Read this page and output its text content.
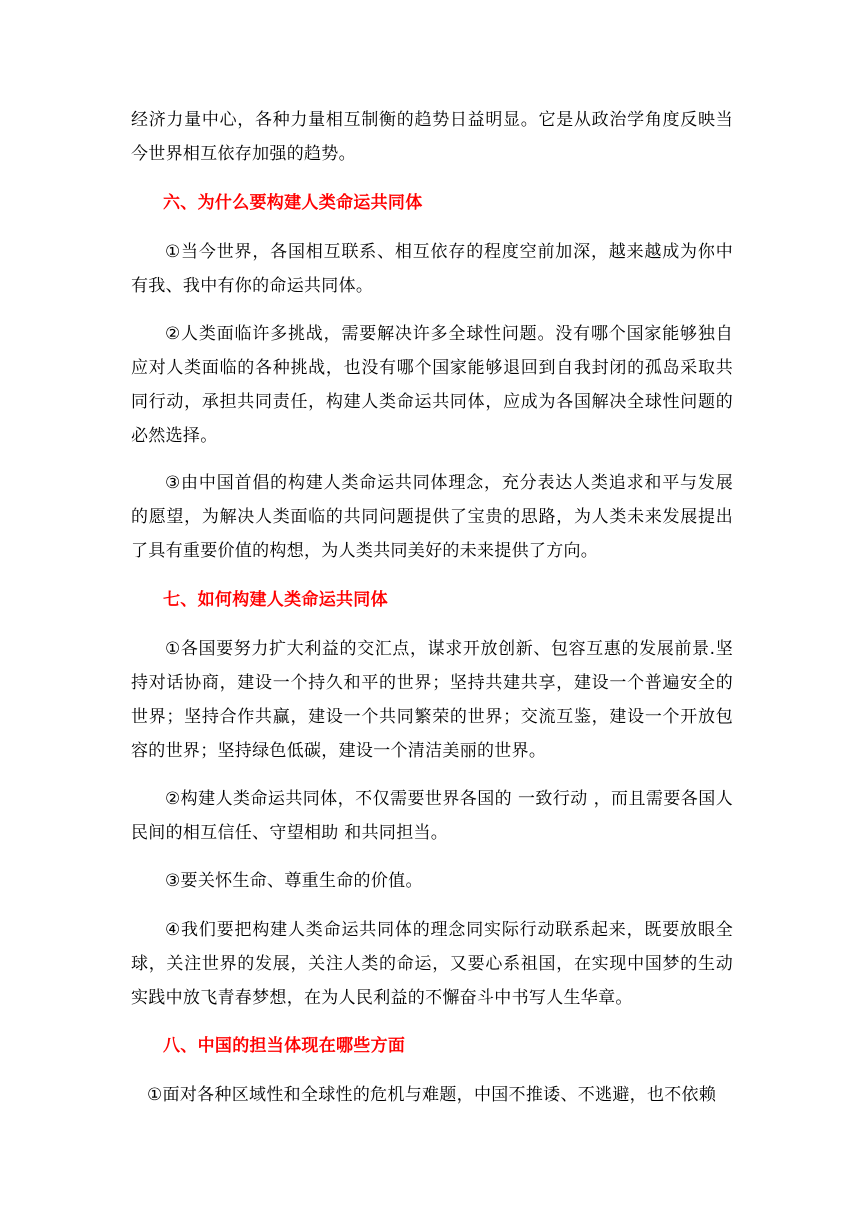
经济力量中心，各种力量相互制衡的趋势日益明显。它是从政治学角度反映当今世界相互依存加强的趋势。

六、为什么要构建人类命运共同体

①当今世界，各国相互联系、相互依存的程度空前加深，越来越成为你中有我、我中有你的命运共同体。

②人类面临许多挑战，需要解决许多全球性问题。没有哪个国家能够独自应对人类面临的各种挑战，也没有哪个国家能够退回到自我封闭的孤岛采取共同行动，承担共同责任，构建人类命运共同体，应成为各国解决全球性问题的必然选择。

③由中国首倡的构建人类命运共同体理念，充分表达人类追求和平与发展的愿望，为解决人类面临的共同问题提供了宝贵的思路，为人类未来发展提出了具有重要价值的构想，为人类共同美好的未来提供了方向。

七、如何构建人类命运共同体

①各国要努力扩大利益的交汇点，谋求开放创新、包容互惠的发展前景.坚持对话协商，建设一个持久和平的世界；坚持共建共享，建设一个普遍安全的世界；坚持合作共赢，建设一个共同繁荣的世界；交流互鉴，建设一个开放包容的世界；坚持绿色低碳，建设一个清洁美丽的世界。

②构建人类命运共同体，不仅需要世界各国的 一致行动 ，而且需要各国人民间的相互信任、守望相助 和共同担当。

③要关怀生命、尊重生命的价值。

④我们要把构建人类命运共同体的理念同实际行动联系起来，既要放眼全球，关注世界的发展，关注人类的命运，又要心系祖国，在实现中国梦的生动实践中放飞青春梦想，在为人民利益的不懈奋斗中书写人生华章。

八、中国的担当体现在哪些方面

①面对各种区域性和全球性的危机与难题，中国不推诿、不逃避，也不依赖
